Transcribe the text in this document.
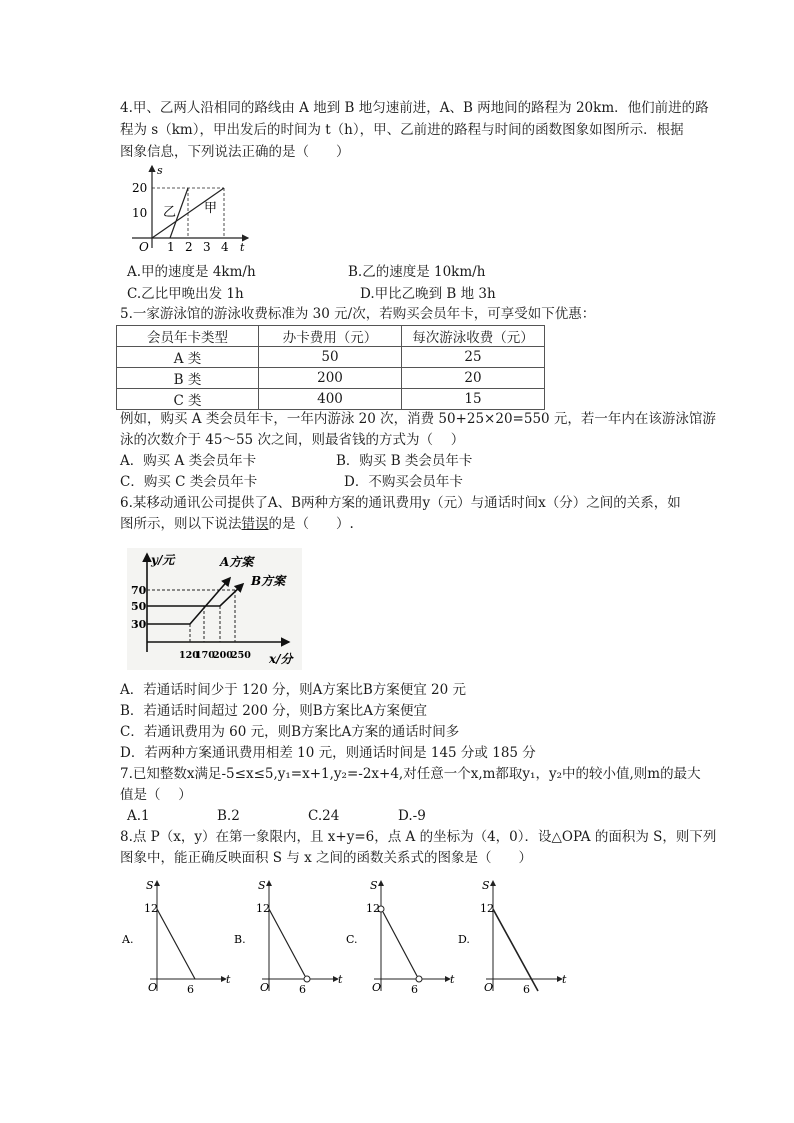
4.甲、乙两人沿相同的路线由 A 地到 B 地匀速前进，A、B 两地间的路程为 20km．他们前进的路
程为 s（km），甲出发后的时间为 t（h），甲、乙前进的路程与时间的函数图象如图所示．根据
图象信息，下列说法正确的是（　　）
s
20
10
O 1 2 3 4 t
乙 甲
A.甲的速度是 4km/h	B.乙的速度是 10km/h
C.乙比甲晚出发 1h	D.甲比乙晚到 B 地 3h
5.一家游泳馆的游泳收费标准为 30 元/次，若购买会员年卡，可享受如下优惠：
会员年卡类型	办卡费用（元）	每次游泳收费（元）
A 类	50	25
B 类	200	20
C 类	400	15
例如，购买 A 类会员年卡，一年内游泳 20 次，消费 50+25×20=550 元，若一年内在该游泳馆游
泳的次数介于 45～55 次之间，则最省钱的方式为（　 ）
A．购买 A 类会员年卡	B．购买 B 类会员年卡
C．购买 C 类会员年卡	D．不购买会员年卡
6.某移动通讯公司提供了A、B两种方案的通讯费用y（元）与通话时间x（分）之间的关系，如
图所示，则以下说法错误的是（　　）.
y/元	A方案
B方案
70
50
30
120
170
200
250 x/分
A．若通话时间少于 120 分，则A方案比B方案便宜 20 元
B．若通话时间超过 200 分，则B方案比A方案便宜
C．若通讯费用为 60 元，则B方案比A方案的通话时间多
D．若两种方案通讯费用相差 10 元，则通话时间是 145 分或 185 分
7.已知整数x满足-5≤x≤5,y₁=x+1,y₂=-2x+4,对任意一个x,m都取y₁，y₂中的较小值,则m的最大
值是（　 ）
A.1	B.2	C.24	D.-9
8.点 P（x，y）在第一象限内，且 x+y=6，点 A 的坐标为（4，0）．设△OPA 的面积为 S，则下列
图象中，能正确反映面积 S 与 x 之间的函数关系式的图象是（　　）
S
12
A.
O	6
t
S
12
B.
O	6
t
S
12
C.
O	6
t
S
12
D.
O	6
t
